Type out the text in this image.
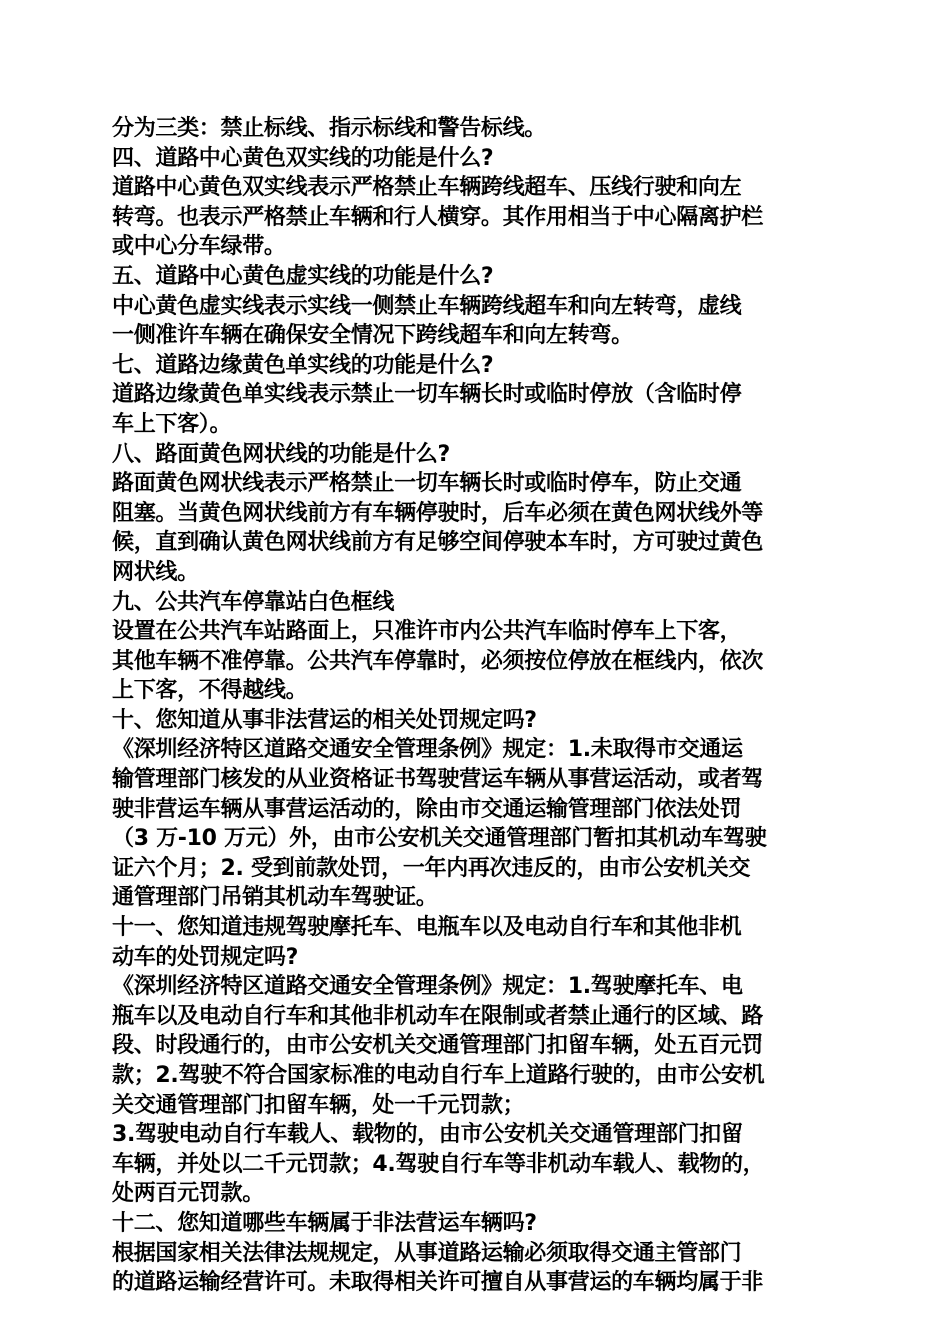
分为三类：禁止标线、指示标线和警告标线。
四、道路中心黄色双实线的功能是什么?
道路中心黄色双实线表示严格禁止车辆跨线超车、压线行驶和向左
转弯。也表示严格禁止车辆和行人横穿。其作用相当于中心隔离护栏
或中心分车绿带。
五、道路中心黄色虚实线的功能是什么?
中心黄色虚实线表示实线一侧禁止车辆跨线超车和向左转弯，虚线
一侧准许车辆在确保安全情况下跨线超车和向左转弯。
七、道路边缘黄色单实线的功能是什么?
道路边缘黄色单实线表示禁止一切车辆长时或临时停放（含临时停
车上下客）。
八、路面黄色网状线的功能是什么?
路面黄色网状线表示严格禁止一切车辆长时或临时停车，防止交通
阻塞。当黄色网状线前方有车辆停驶时，后车必须在黄色网状线外等
候，直到确认黄色网状线前方有足够空间停驶本车时，方可驶过黄色
网状线。
九、公共汽车停靠站白色框线
设置在公共汽车站路面上，只准许市内公共汽车临时停车上下客，
其他车辆不准停靠。公共汽车停靠时，必须按位停放在框线内，依次
上下客，不得越线。
十、您知道从事非法营运的相关处罚规定吗?
《深圳经济特区道路交通安全管理条例》规定：1.未取得市交通运
输管理部门核发的从业资格证书驾驶营运车辆从事营运活动，或者驾
驶非营运车辆从事营运活动的，除由市交通运输管理部门依法处罚
（3 万-10 万元）外，由市公安机关交通管理部门暂扣其机动车驾驶
证六个月；2. 受到前款处罚，一年内再次违反的，由市公安机关交
通管理部门吊销其机动车驾驶证。
十一、您知道违规驾驶摩托车、电瓶车以及电动自行车和其他非机
动车的处罚规定吗?
《深圳经济特区道路交通安全管理条例》规定：1.驾驶摩托车、电
瓶车以及电动自行车和其他非机动车在限制或者禁止通行的区域、路
段、时段通行的，由市公安机关交通管理部门扣留车辆，处五百元罚
款；2.驾驶不符合国家标准的电动自行车上道路行驶的，由市公安机
关交通管理部门扣留车辆，处一千元罚款；
3.驾驶电动自行车载人、载物的，由市公安机关交通管理部门扣留
车辆，并处以二千元罚款；4.驾驶自行车等非机动车载人、载物的，
处两百元罚款。
十二、您知道哪些车辆属于非法营运车辆吗?
根据国家相关法律法规规定，从事道路运输必须取得交通主管部门
的道路运输经营许可。未取得相关许可擅自从事营运的车辆均属于非
